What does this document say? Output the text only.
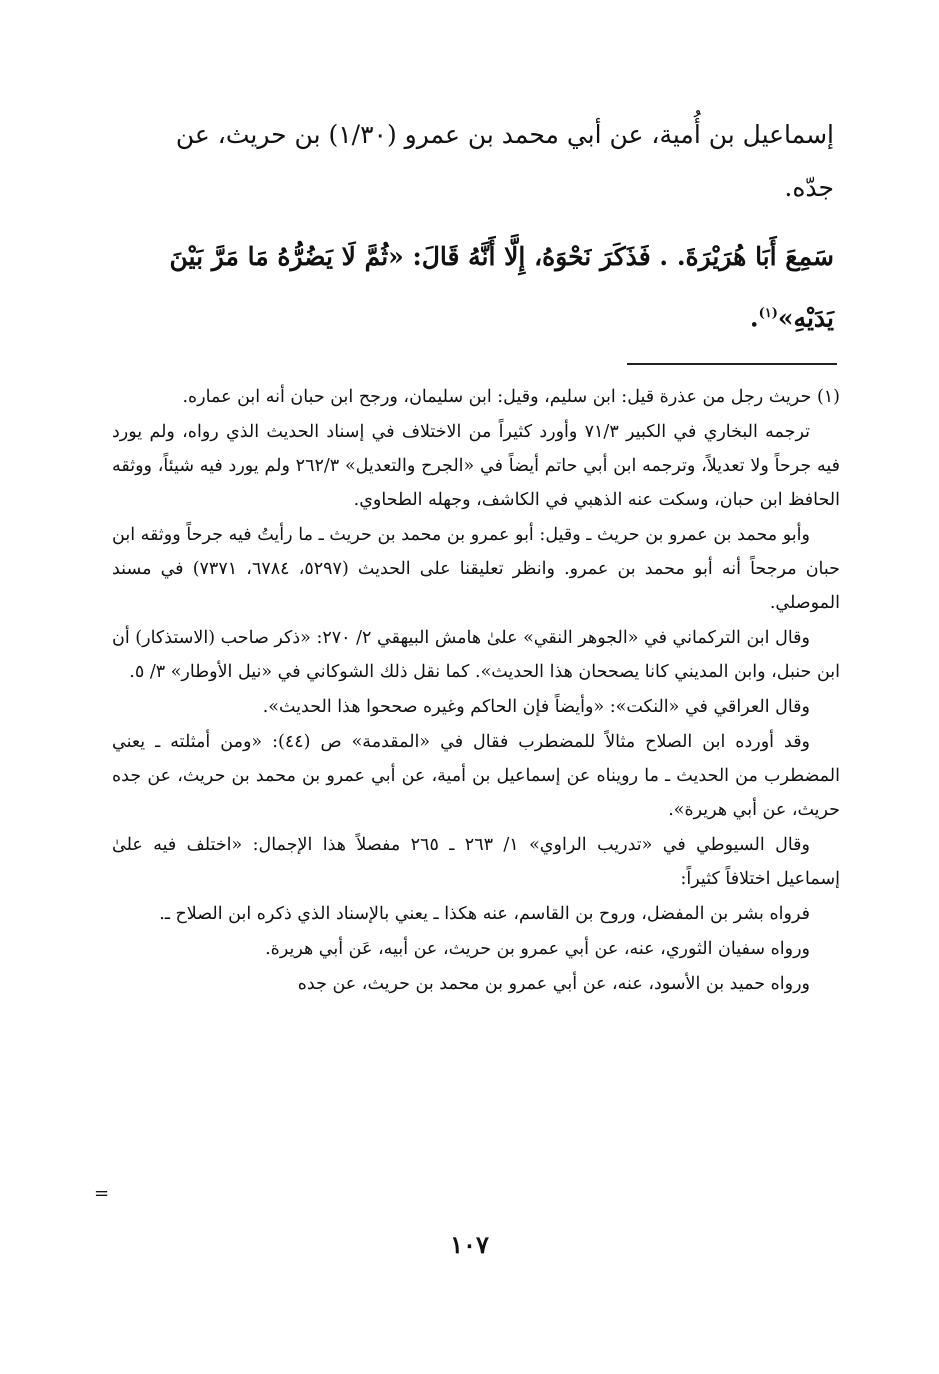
إسماعيل بن أُمية، عن أبي محمد بن عمرو (١/٣٠) بن حريث، عن

جدّه.

سَمِعَ أَبَا هُرَيْرَةَ. . فَذَكَرَ نَحْوَهُ، إِلَّا أَنَّهُ قَالَ: «ثُمَّ لَا يَضُرُّهُ مَا مَرَّ بَيْنَ

يَدَيْهِ»$^{(١)}$.

(١) حريث رجل من عذرة قيل: ابن سليم، وقيل: ابن سليمان، ورجح ابن حبان أنه ابن عماره.

ترجمه البخاري في الكبير ٧١/٣ وأورد كثيراً من الاختلاف في إسناد الحديث الذي رواه، ولم يورد فيه جرحاً ولا تعديلاً، وترجمه ابن أبي حاتم أيضاً في «الجرح والتعديل» ٢٦٢/٣ ولم يورد فيه شيئاً، ووثقه الحافظ ابن حبان، وسكت عنه الذهبي في الكاشف، وجهله الطحاوي.

وأبو محمد بن عمرو بن حريث ـ وقيل: أبو عمرو بن محمد بن حريث ـ ما رأيتُ فيه جرحاً ووثقه ابن حبان مرجحاً أنه أبو محمد بن عمرو. وانظر تعليقنا على الحديث (٥٢٩٧، ٦٧٨٤، ٧٣٧١) في مسند الموصلي.

وقال ابن التركماني في «الجوهر النقي» علىٰ هامش البيهقي ٢/ ٢٧٠: «ذكر صاحب (الاستذكار) أن ابن حنبل، وابن المديني كانا يصححان هذا الحديث». كما نقل ذلك الشوكاني في «نيل الأوطار» ٣/ ٥.

وقال العراقي في «النكت»: «وأيضاً فإن الحاكم وغيره صححوا هذا الحديث».

وقد أورده ابن الصلاح مثالاً للمضطرب فقال في «المقدمة» ص (٤٤): «ومن أمثلته ـ يعني المضطرب من الحديث ـ ما رويناه عن إسماعيل بن أمية، عن أبي عمرو بن محمد بن حريث، عن جده حريث، عن أبي هريرة».

وقال السيوطي في «تدريب الراوي» ١/ ٢٦٣ ـ ٢٦٥ مفصلاً هذا الإجمال: «اختلف فيه علىٰ إسماعيل اختلافاً كثيراً:

فرواه بشر بن المفضل، وروح بن القاسم، عنه هكذا ـ يعني بالإسناد الذي ذكره ابن الصلاح ـ.

ورواه سفيان الثوري، عنه، عن أبي عمرو بن حريث، عن أبيه، عَن أبي هريرة.

ورواه حميد بن الأسود، عنه، عن أبي عمرو بن محمد بن حريث، عن جده

=
١٠٧
